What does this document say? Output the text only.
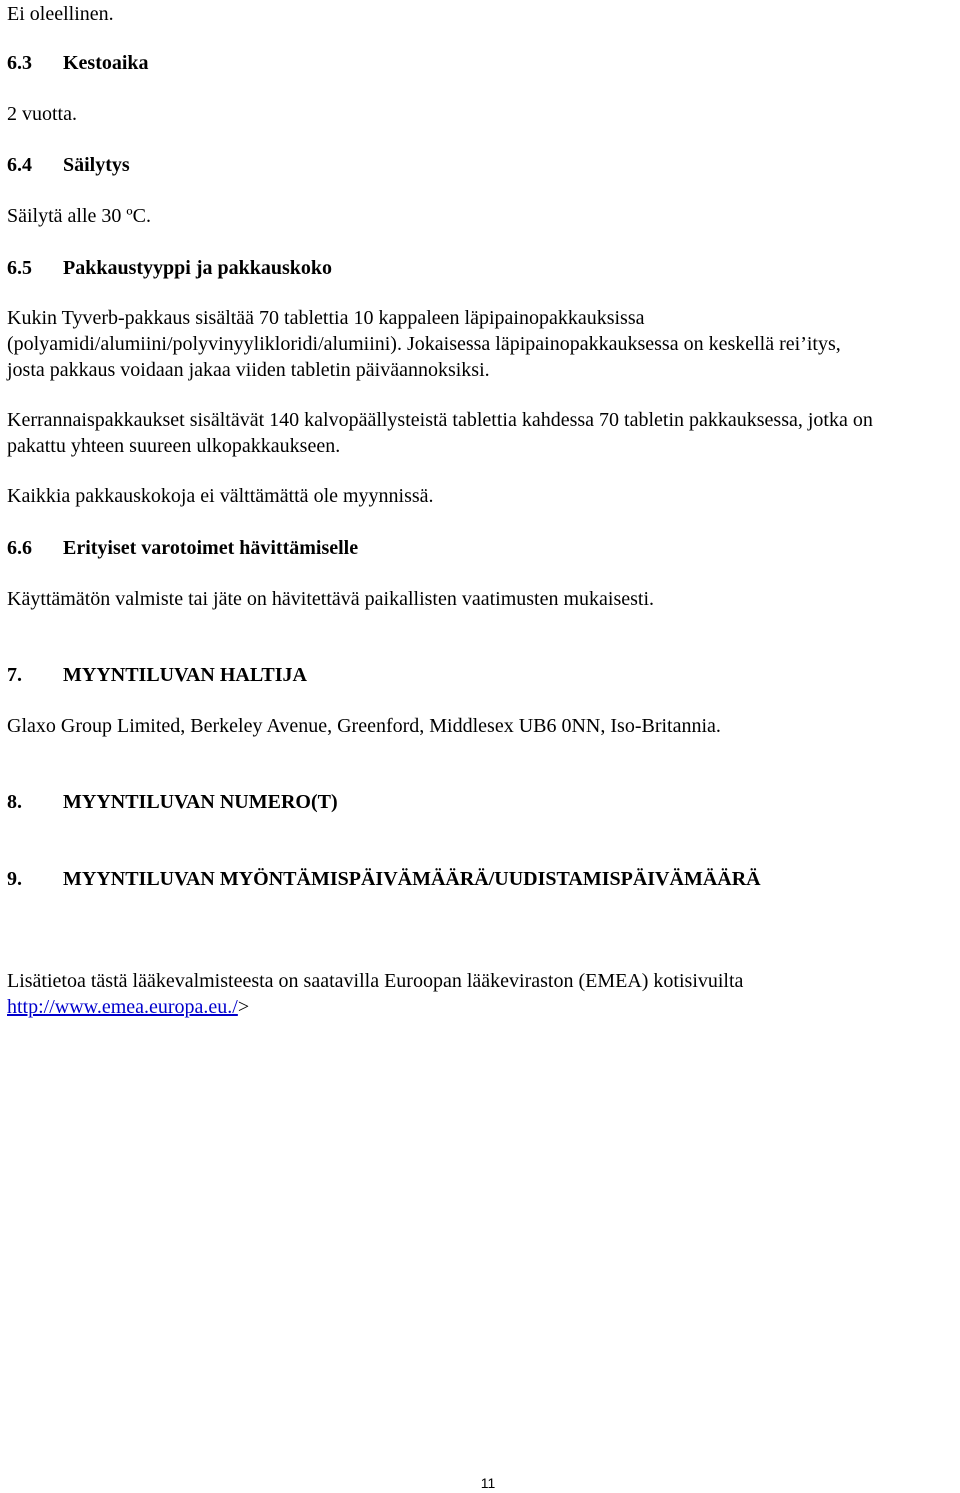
Ei oleellinen.
6.3 Kestoaika
2 vuotta.
6.4 Säilytys
Säilytä alle 30 ºC.
6.5 Pakkaustyyppi ja pakkauskoko
Kukin Tyverb-pakkaus sisältää 70 tablettia 10 kappaleen läpipainopakkauksissa
(polyamidi/alumiini/polyvinyylikloridi/alumiini). Jokaisessa läpipainopakkauksessa on keskellä rei’itys,
josta pakkaus voidaan jakaa viiden tabletin päiväannoksiksi.
Kerrannaispakkaukset sisältävät 140 kalvopäällysteistä tablettia kahdessa 70 tabletin pakkauksessa, jotka on
pakattu yhteen suureen ulkopakkaukseen.
Kaikkia pakkauskokoja ei välttämättä ole myynnissä.
6.6 Erityiset varotoimet hävittämiselle
Käyttämätön valmiste tai jäte on hävitettävä paikallisten vaatimusten mukaisesti.
7. MYYNTILUVAN HALTIJA
Glaxo Group Limited, Berkeley Avenue, Greenford, Middlesex UB6 0NN, Iso-Britannia.
8. MYYNTILUVAN NUMERO(T)
9. MYYNTILUVAN MYÖNTÄMISPÄIVÄMÄÄRÄ/UUDISTAMISPÄIVÄMÄÄRÄ
Lisätietoa tästä lääkevalmisteesta on saatavilla Euroopan lääkeviraston (EMEA) kotisivuilta
http://www.emea.europa.eu./>
11
